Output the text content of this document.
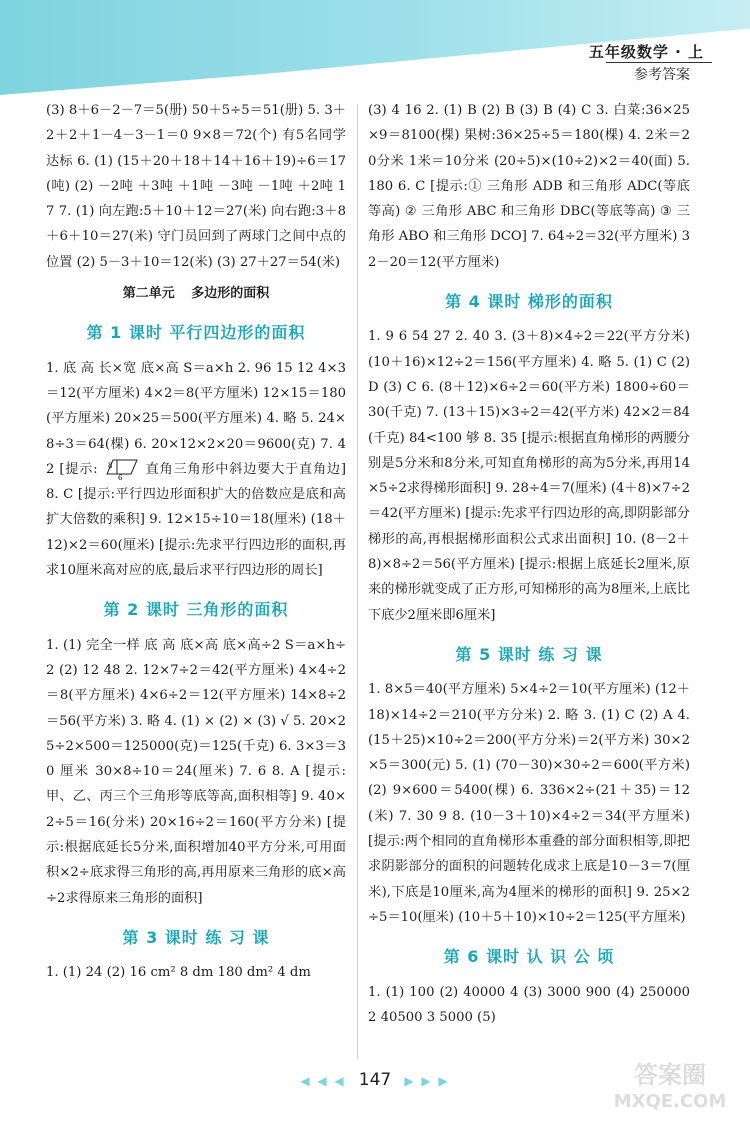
五年级数学 · 上
参考答案

(3) 8＋6－2－7＝5(册) 50＋5÷5＝51(册) 5. 3＋2＋2＋1－4－3－1＝0 9×8＝72(个) 有5名同学达标 6. (1) (15＋20＋18＋14＋16＋19)÷6＝17(吨) (2) －2吨 ＋3吨 ＋1吨 －3吨 －1吨 ＋2吨 17 7. (1) 向左跑:5＋10＋12＝27(米) 向右跑:3＋8＋6＋10＝27(米) 守门员回到了两球门之间中点的位置 (2) 5－3＋10＝12(米) (3) 27＋27＝54(米)

第二单元 多边形的面积
第 1 课时 平行四边形的面积

1. 底 高 长×宽 底×高 S＝a×h 2. 96 15 12 4×3＝12(平方厘米) 4×2＝8(平方厘米) 12×15＝180(平方厘米) 20×25＝500(平方厘米) 4. 略 5. 24×8÷3＝64(棵) 6. 20×12×2×20＝9600(克) 7. 42 [提示: 8
6
直角三角形中斜边要大于直角边] 8. C [提示:平行四边形面积扩大的倍数应是底和高扩大倍数的乘积] 9. 12×15÷10＝18(厘米) (18＋12)×2＝60(厘米) [提示:先求平行四边形的面积,再求10厘米高对应的底,最后求平行四边形的周长]

第 2 课时 三角形的面积

1. (1) 完全一样 底 高 底×高 底×高÷2 S＝a×h÷2 (2) 12 48 2. 12×7÷2＝42(平方厘米) 4×4÷2＝8(平方厘米) 4×6÷2＝12(平方厘米) 14×8÷2＝56(平方米) 3. 略 4. (1) × (2) × (3) √ 5. 20×25÷2×500＝125000(克)＝125(千克) 6. 3×3＝30 厘米 30×8÷10＝24(厘米) 7. 6 8. A [提示:甲、乙、丙三个三角形等底等高,面积相等] 9. 40×2÷5＝16(分米) 20×16÷2＝160(平方分米) [提示:根据底延长5分米,面积增加40平方分米,可用面积×2÷底求得三角形的高,再用原来三角形的底×高÷2求得原来三角形的面积]

第 3 课时 练 习 课

1. (1) 24 (2) 16 cm² 8 dm 180 dm² 4 dm

(3) 4 16 2. (1) B (2) B (3) B (4) C 3. 白菜:36×25×9＝8100(棵) 果树:36×25÷5＝180(棵) 4. 2米＝20分米 1米＝10分米 (20÷5)×(10÷2)×2＝40(面) 5. 180 6. C [提示:① 三角形 ADB 和三角形 ADC(等底等高) ② 三角形 ABC 和三角形 DBC(等底等高) ③ 三角形 ABO 和三角形 DCO] 7. 64÷2＝32(平方厘米) 32－20＝12(平方厘米)

第 4 课时 梯形的面积

1. 9 6 54 27 2. 40 3. (3＋8)×4÷2＝22(平方分米) (10＋16)×12÷2＝156(平方厘米) 4. 略 5. (1) C (2) D (3) C 6. (8＋12)×6÷2＝60(平方米) 1800÷60＝30(千克) 7. (13＋15)×3÷2＝42(平方米) 42×2＝84(千克) 84<100 够 8. 35 [提示:根据直角梯形的两腰分别是5分米和8分米,可知直角梯形的高为5分米,再用14×5÷2求得梯形面积] 9. 28÷4＝7(厘米) (4＋8)×7÷2＝42(平方厘米) [提示:先求平行四边形的高,即阴影部分梯形的高,再根据梯形面积公式求出面积] 10. (8－2＋8)×8÷2＝56(平方厘米) [提示:根据上底延长2厘米,原来的梯形就变成了正方形,可知梯形的高为8厘米,上底比下底少2厘米即6厘米]

第 5 课时 练 习 课

1. 8×5＝40(平方厘米) 5×4÷2＝10(平方厘米) (12＋18)×14÷2＝210(平方分米) 2. 略 3. (1) C (2) A 4. (15＋25)×10÷2＝200(平方分米)＝2(平方米) 30×2×5＝300(元) 5. (1) (70－30)×30÷2＝600(平方米) (2) 9×600＝5400(棵) 6. 336×2÷(21＋35)＝12(米) 7. 30 9 8. (10－3＋10)×4÷2＝34(平方厘米) [提示:两个相同的直角梯形本重叠的部分面积相等,即把求阴影部分的面积的问题转化成求上底是10－3＝7(厘米),下底是10厘米,高为4厘米的梯形的面积] 9. 25×2÷5＝10(厘米) (10＋5＋10)×10÷2＝125(平方厘米)

第 6 课时 认 识 公 顷

1. (1) 100 (2) 40000 4 (3) 3000 900 (4) 250000 2 40500 3 5000 (5)

◀ ◀ ◀ 147 ▶ ▶ ▶	答案圈
MXQE.COM
